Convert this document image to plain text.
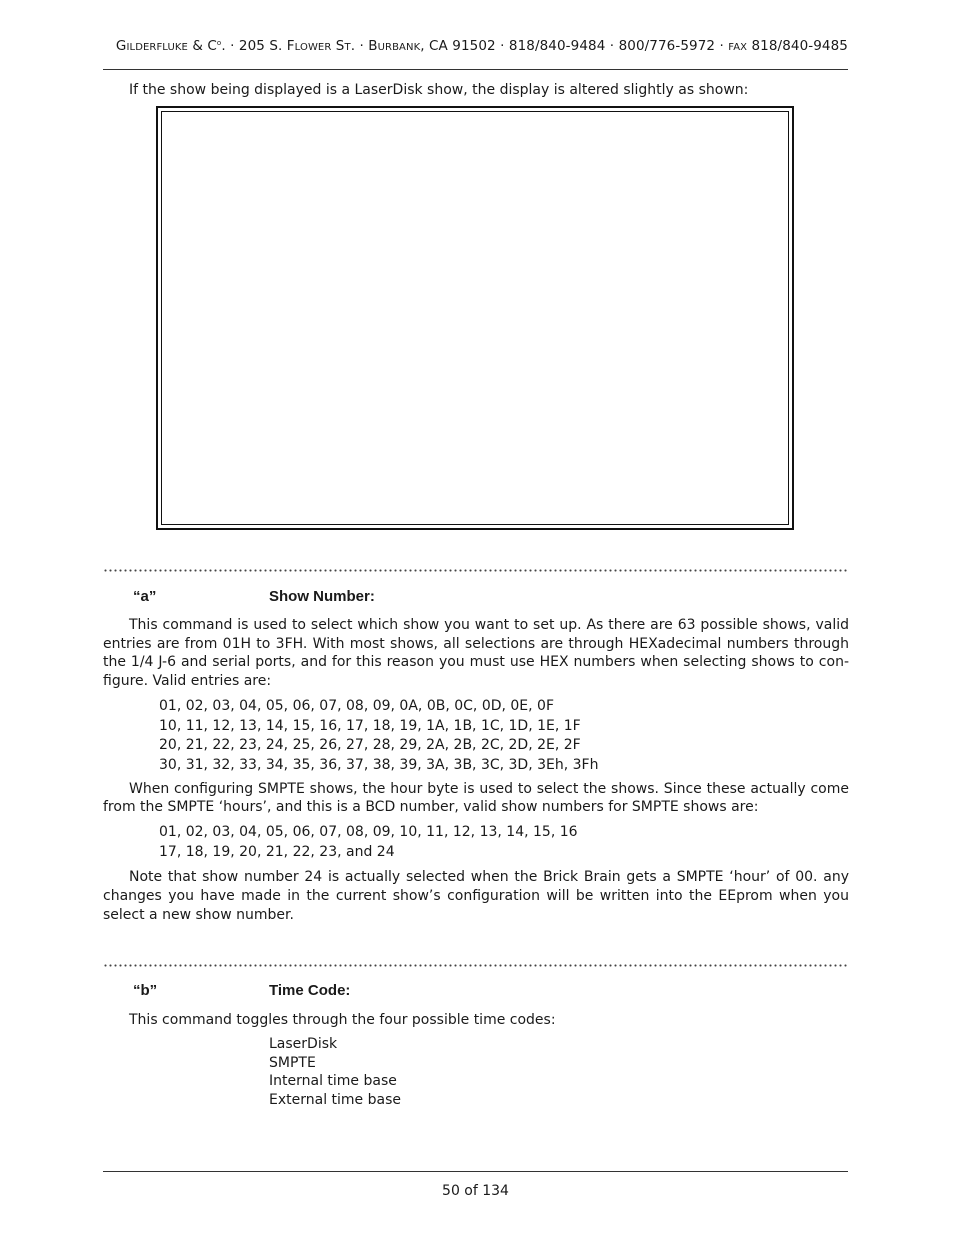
GILDERFLUKE & $C^o$. · 205 S. FLOWER ST. · BURBANK, CA 91502 · 818/840-9484 · 800/776-5972 · FAX 818/840-9485
If the show being displayed is a LaserDisk show, the display is altered slightly as shown:
“a”	Show Number:
This command is used to select which show you want to set up. As there are 63 possible shows, valid
entries are from 01H to 3FH. With most shows, all selections are through HEXadecimal numbers through
the 1/4 J-6 and serial ports, and for this reason you must use HEX numbers when selecting shows to con-
figure. Valid entries are:
01, 02, 03, 04, 05, 06, 07, 08, 09, 0A, 0B, 0C, 0D, 0E, 0F
10, 11, 12, 13, 14, 15, 16, 17, 18, 19, 1A, 1B, 1C, 1D, 1E, 1F
20, 21, 22, 23, 24, 25, 26, 27, 28, 29, 2A, 2B, 2C, 2D, 2E, 2F
30, 31, 32, 33, 34, 35, 36, 37, 38, 39, 3A, 3B, 3C, 3D, 3Eh, 3Fh
When configuring SMPTE shows, the hour byte is used to select the shows. Since these actually come
from the SMPTE ‘hours’, and this is a BCD number, valid show numbers for SMPTE shows are:
01, 02, 03, 04, 05, 06, 07, 08, 09, 10, 11, 12, 13, 14, 15, 16
17, 18, 19, 20, 21, 22, 23, and 24
Note that show number 24 is actually selected when the Brick Brain gets a SMPTE ‘hour’ of 00. any
changes you have made in the current show’s configuration will be written into the EEprom when you
select a new show number.
“b”	Time Code:
This command toggles through the four possible time codes:
LaserDisk
SMPTE
Internal time base
External time base
50 of 134
